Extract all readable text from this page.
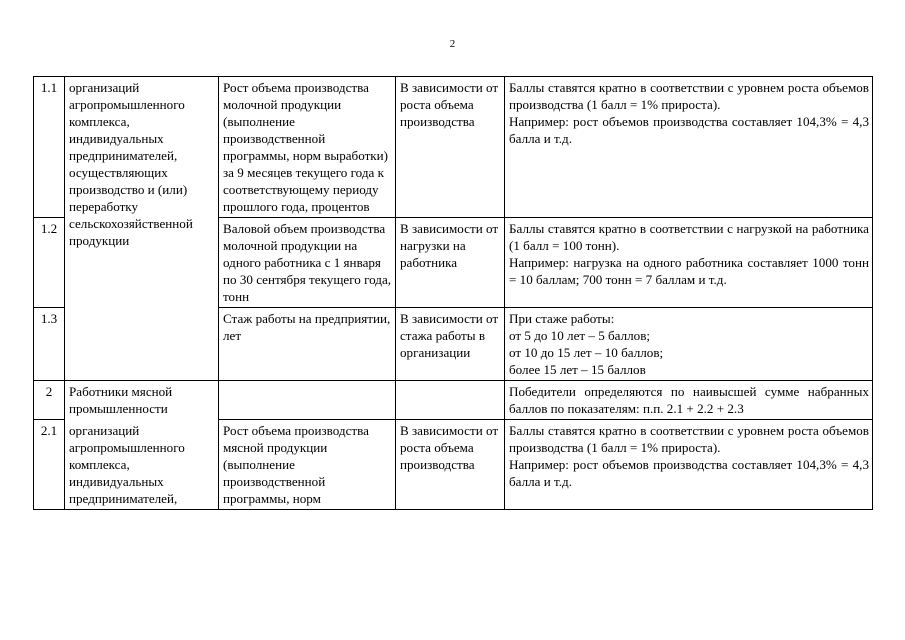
2
1.1	организаций агропромышленного комплекса, индивидуальных предпринимателей, осуществляющих производство и (или) переработку сельскохозяйственной продукции	Рост объема производства молочной продукции (выполнение производственной программы, норм выработки) за 9 месяцев текущего года к соответствующему периоду прошлого года, процентов	В зависимости от роста объема производства	Баллы ставятся кратно в соответствии с уровнем роста объемов производства (1 балл = 1% прироста).
Например: рост объемов производства составляет 104,3% = 4,3 балла и т.д.

1.2		Валовой объем производства молочной продукции на одного работника с 1 января по 30 сентября текущего года, тонн	В зависимости от нагрузки на работника	Баллы ставятся кратно в соответствии с нагрузкой на работника (1 балл = 100 тонн).
Например: нагрузка на одного работника составляет 1000 тонн = 10 баллам; 700 тонн = 7 баллам и т.д.

1.3		Стаж работы на предприятии, лет	В зависимости от стажа работы в организации	При стаже работы:
от 5 до 10 лет – 5 баллов;
от 10 до 15 лет – 10 баллов;
более 15 лет – 15 баллов

2	Работники мясной промышленности			Победители определяются по наивысшей сумме набранных баллов по показателям: п.п. 2.1 + 2.2 + 2.3

2.1	организаций агропромышленного комплекса, индивидуальных предпринимателей,	Рост объема производства мясной продукции (выполнение производственной программы, норм	В зависимости от роста объема производства	Баллы ставятся кратно в соответствии с уровнем роста объемов производства (1 балл = 1% прироста).
Например: рост объемов производства составляет 104,3% = 4,3 балла и т.д.
